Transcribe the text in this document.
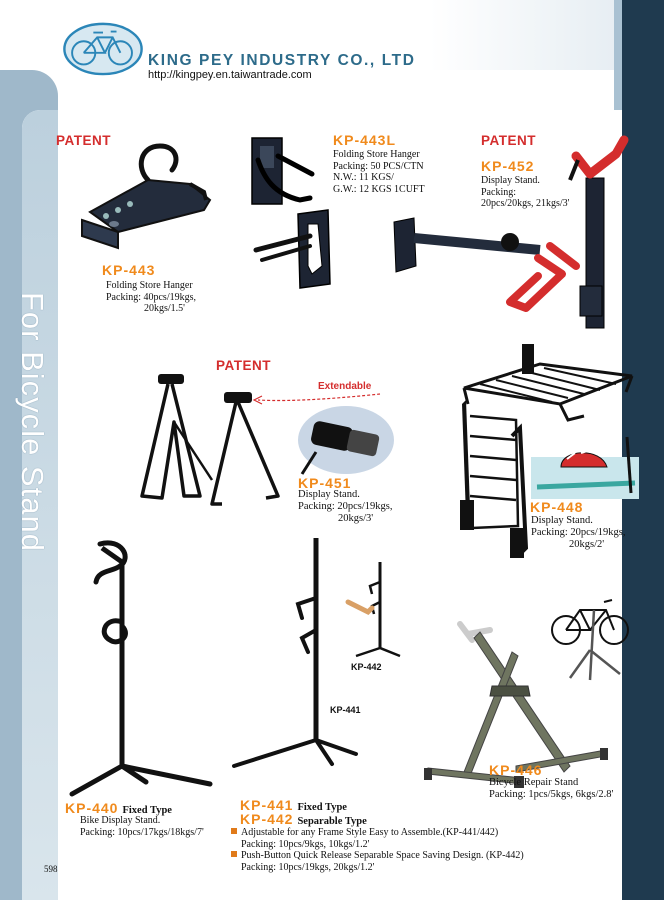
KING PEY INDUSTRY CO., LTD
http://kingpey.en.taiwantrade.com
For Bicycle Stand
PATENT
KP-443
Folding Store Hanger
Packing: 40pcs/19kgs,
20kgs/1.5'
KP-443L
Folding Store Hanger
Packing: 50 PCS/CTN
N.W.: 11 KGS/
G.W.: 12 KGS 1CUFT
PATENT
KP-452
Display Stand.
Packing:
20pcs/20kgs, 21kgs/3'
PATENT
Extendable
KP-451
Display Stand.
Packing: 20pcs/19kgs,
20kgs/3'
KP-448
Display Stand.
Packing: 20pcs/19kgs,
20kgs/2'
KP-440 Fixed Type
Bike Display Stand.
Packing: 10pcs/17kgs/18kgs/7'
KP-442
KP-441
KP-441 Fixed Type
KP-442 Separable Type
Adjustable for any Frame Style Easy to Assemble.(KP-441/442)
Packing: 10pcs/9kgs, 10kgs/1.2'
Push-Button Quick Release Separable Space Saving Design. (KP-442)
Packing: 10pcs/19kgs, 20kgs/1.2'
KP-446
Bicycle Repair Stand
Packing: 1pcs/5kgs, 6kgs/2.8'
598
